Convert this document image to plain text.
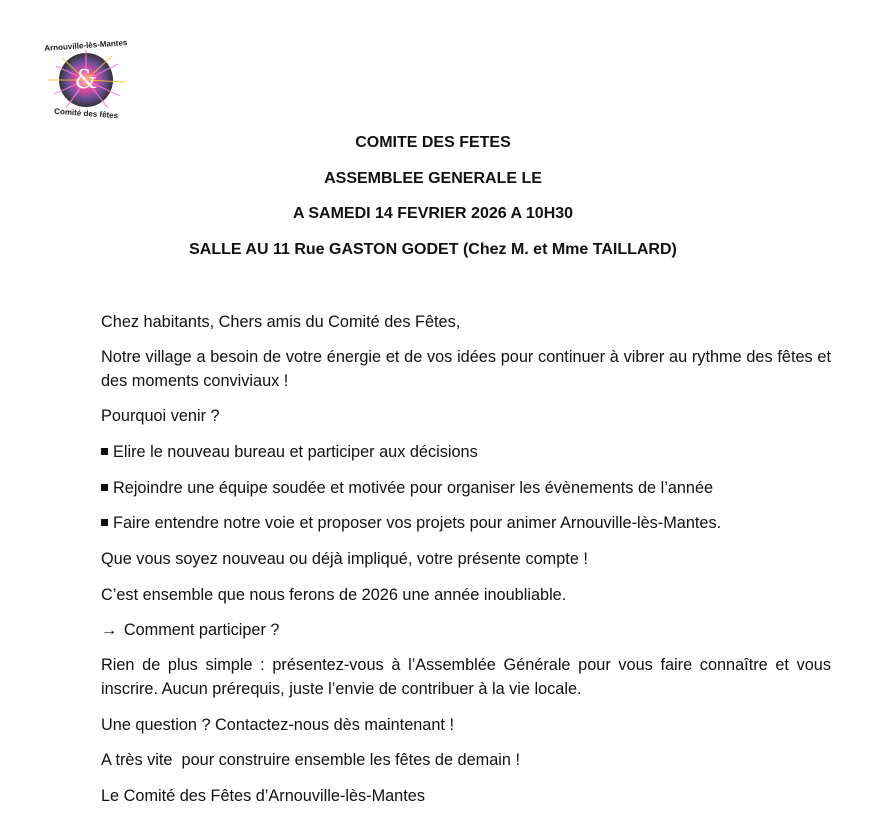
&
Arnouville-lès-Mantes
Comité des fêtes

COMITE DES FETES

ASSEMBLEE GENERALE LE

A SAMEDI 14 FEVRIER 2026 A 10H30

SALLE AU 11 Rue GASTON GODET (Chez M. et Mme TAILLARD)

Chez habitants, Chers amis du Comité des Fêtes,

Notre village a besoin de votre énergie et de vos idées pour continuer à vibrer au rythme des fêtes et des moments conviviaux !

Pourquoi venir ?

Elire le nouveau bureau et participer aux décisions

Rejoindre une équipe soudée et motivée pour organiser les évènements de l’année

Faire entendre notre voie et proposer vos projets pour animer Arnouville-lès-Mantes.

Que vous soyez nouveau ou déjà impliqué, votre présente compte !

C’est ensemble que nous ferons de 2026 une année inoubliable.

→ Comment participer ?

Rien de plus simple : présentez-vous à l’Assemblée Générale pour vous faire connaître et vous inscrire. Aucun prérequis, juste l’envie de contribuer à la vie locale.

Une question ? Contactez-nous dès maintenant !

A très vite  pour construire ensemble les fêtes de demain !

Le Comité des Fêtes d’Arnouville-lès-Mantes
